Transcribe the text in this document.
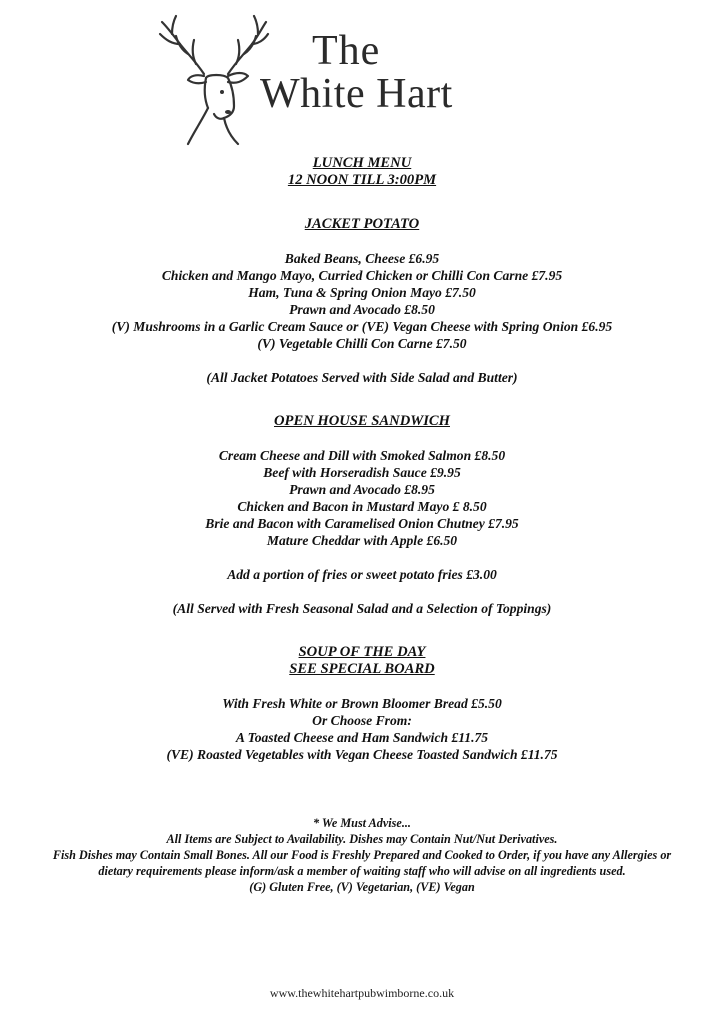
The
White Hart

LUNCH MENU

12 NOON TILL 3:00PM

JACKET POTATO

Baked Beans, Cheese £6.95

Chicken and Mango Mayo, Curried Chicken or Chilli Con Carne £7.95

Ham, Tuna & Spring Onion Mayo £7.50

Prawn and Avocado £8.50

(V) Mushrooms in a Garlic Cream Sauce or (VE) Vegan Cheese with Spring Onion £6.95

(V) Vegetable Chilli Con Carne £7.50

(All Jacket Potatoes Served with Side Salad and Butter)

OPEN HOUSE SANDWICH

Cream Cheese and Dill with Smoked Salmon £8.50

Beef with Horseradish Sauce £9.95

Prawn and Avocado £8.95

Chicken and Bacon in Mustard Mayo £ 8.50

Brie and Bacon with Caramelised Onion Chutney £7.95

Mature Cheddar with Apple £6.50

Add a portion of fries or sweet potato fries £3.00

(All Served with Fresh Seasonal Salad and a Selection of Toppings)

SOUP OF THE DAY

SEE SPECIAL BOARD

With Fresh White or Brown Bloomer Bread £5.50

Or Choose From:

A Toasted Cheese and Ham Sandwich £11.75

(VE) Roasted Vegetables with Vegan Cheese Toasted Sandwich £11.75

* We Must Advise...

All Items are Subject to Availability. Dishes may Contain Nut/Nut Derivatives.

Fish Dishes may Contain Small Bones. All our Food is Freshly Prepared and Cooked to Order, if you have any Allergies or

dietary requirements please inform/ask a member of waiting staff who will advise on all ingredients used.

(G) Gluten Free, (V) Vegetarian, (VE) Vegan

www.thewhitehartpubwimborne.co.uk
